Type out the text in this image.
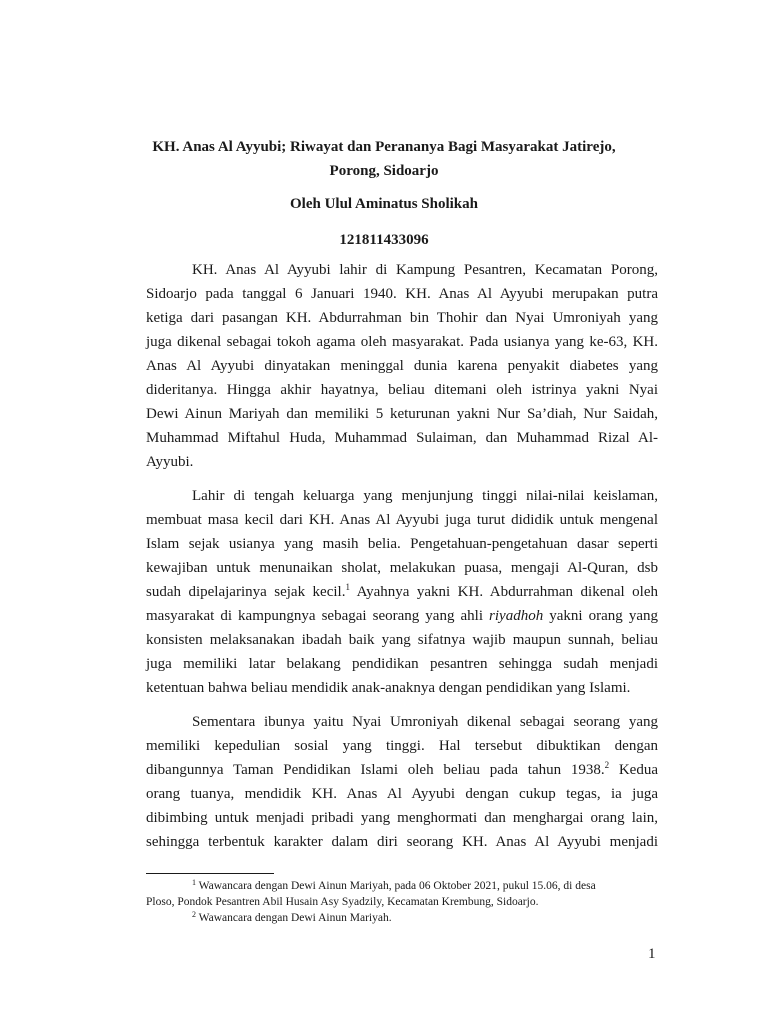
KH. Anas Al Ayyubi; Riwayat dan Perananya Bagi Masyarakat Jatirejo,
Porong, Sidoarjo
Oleh Ulul Aminatus Sholikah
121811433096
KH. Anas Al Ayyubi lahir di Kampung Pesantren, Kecamatan Porong,
Sidoarjo pada tanggal 6 Januari 1940. KH. Anas Al Ayyubi merupakan putra
ketiga dari pasangan KH. Abdurrahman bin Thohir dan Nyai Umroniyah yang
juga dikenal sebagai tokoh agama oleh masyarakat. Pada usianya yang ke-63, KH.
Anas Al Ayyubi dinyatakan meninggal dunia karena penyakit diabetes yang
dideritanya. Hingga akhir hayatnya, beliau ditemani oleh istrinya yakni Nyai
Dewi Ainun Mariyah dan memiliki 5 keturunan yakni Nur Sa’diah, Nur Saidah,
Muhammad Miftahul Huda, Muhammad Sulaiman, dan Muhammad Rizal Al-
Ayyubi.
Lahir di tengah keluarga yang menjunjung tinggi nilai-nilai keislaman,
membuat masa kecil dari KH. Anas Al Ayyubi juga turut dididik untuk mengenal
Islam sejak usianya yang masih belia. Pengetahuan-pengetahuan dasar seperti
kewajiban untuk menunaikan sholat, melakukan puasa, mengaji Al-Quran, dsb
sudah dipelajarinya sejak kecil.$^1$ Ayahnya yakni KH. Abdurrahman dikenal oleh
masyarakat di kampungnya sebagai seorang yang ahli riyadhoh yakni orang yang
konsisten melaksanakan ibadah baik yang sifatnya wajib maupun sunnah, beliau
juga memiliki latar belakang pendidikan pesantren sehingga sudah menjadi
ketentuan bahwa beliau mendidik anak-anaknya dengan pendidikan yang Islami.
Sementara ibunya yaitu Nyai Umroniyah dikenal sebagai seorang yang
memiliki kepedulian sosial yang tinggi. Hal tersebut dibuktikan dengan
dibangunnya Taman Pendidikan Islami oleh beliau pada tahun 1938.$^2$ Kedua
orang tuanya, mendidik KH. Anas Al Ayyubi dengan cukup tegas, ia juga
dibimbing untuk menjadi pribadi yang menghormati dan menghargai orang lain,
sehingga terbentuk karakter dalam diri seorang KH. Anas Al Ayyubi menjadi
$^1$ Wawancara dengan Dewi Ainun Mariyah, pada 06 Oktober 2021, pukul 15.06, di desa
Ploso, Pondok Pesantren Abil Husain Asy Syadzily, Kecamatan Krembung, Sidoarjo.
$^2$ Wawancara dengan Dewi Ainun Mariyah.
1
